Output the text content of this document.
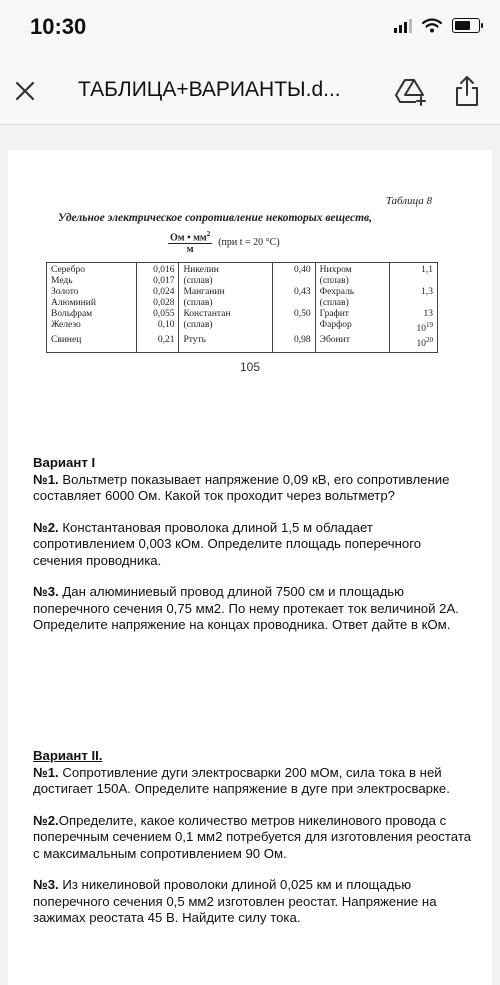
10:30
ТАБЛИЦА+ВАРИАНТЫ.d...
Таблица 8
Удельное электрическое сопротивление некоторых веществ,
$\frac{Ом • мм^2}{м} (при$ t = 20 °C)
Серебро	0,016	Никелин	0,40	Нихром	1,1
Медь	0,017	(сплав)		(сплав)	
Золото	0,024	Манганин	0,43	Фехраль	1,3
Алюминий	0,028	(сплав)		(сплав)	
Вольфрам	0,055	Константан	0,50	Графит	13
Железо	0,10	(сплав)		Фарфор	$10^{19}$
Свинец	0,21	Ртуть	0,98	Эбонит	$10^{20}$
105
Вариант I
№1. Вольтметр показывает напряжение 0,09 кВ, его сопротивление составляет 6000 Ом. Какой ток проходит через вольтметр?
№2. Константановая проволока длиной 1,5 м обладает сопротивлением 0,003 кОм. Определите площадь поперечного сечения проводника.
№3. Дан алюминиевый провод длиной 7500 см и площадью поперечного сечения 0,75 мм2. По нему протекает ток величиной 2А. Определите напряжение на концах проводника. Ответ дайте в кОм.
Вариант II.
№1. Сопротивление дуги электросварки 200 мОм, сила тока в ней достигает 150А. Определите напряжение в дуге при электросварке.
№2.Определите, какое количество метров никелинового провода с поперечным сечением 0,1 мм2 потребуется для изготовления реостата с максимальным сопротивлением 90 Ом.
№3. Из никелиновой проволоки длиной 0,025 км и площадью поперечного сечения 0,5 мм2 изготовлен реостат. Напряжение на зажимах реостата 45 В. Найдите силу тока.
